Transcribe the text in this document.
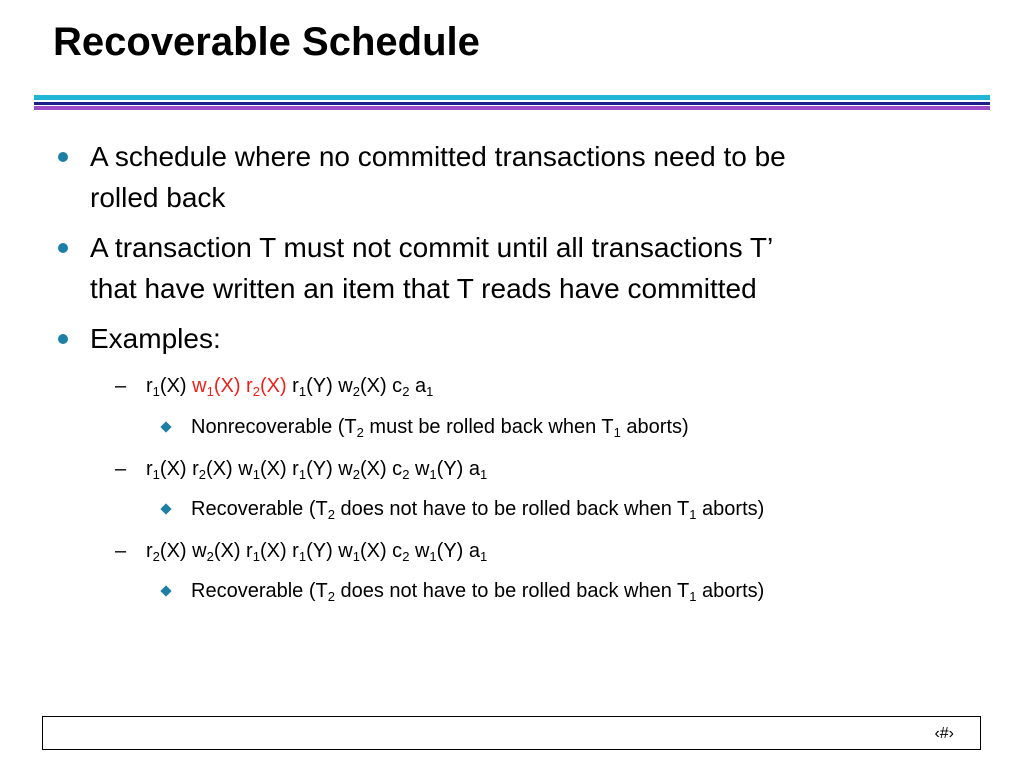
Recoverable Schedule
A schedule where no committed transactions need to be
rolled back
A transaction T must not commit until all transactions T’
that have written an item that T reads have committed
Examples:
– $r_1(X)$ $w_1(X)$ $r_2(X)$ $r_1(Y)$ $w_2(X)$ $c_2$ $a_1$
Nonrecoverable ($T_2$ must be rolled back when $T_1$ aborts)
– $r_1(X)$ $r_2(X)$ $w_1(X)$ $r_1(Y)$ $w_2(X)$ $c_2$ $w_1(Y)$ $a_1$
Recoverable ($T_2$ does not have to be rolled back when $T_1$ aborts)
– $r_2(X)$ $w_2(X)$ $r_1(X)$ $r_1(Y)$ $w_1(X)$ $c_2$ $w_1(Y)$ $a_1$
Recoverable ($T_2$ does not have to be rolled back when $T_1$ aborts)
‹#›
